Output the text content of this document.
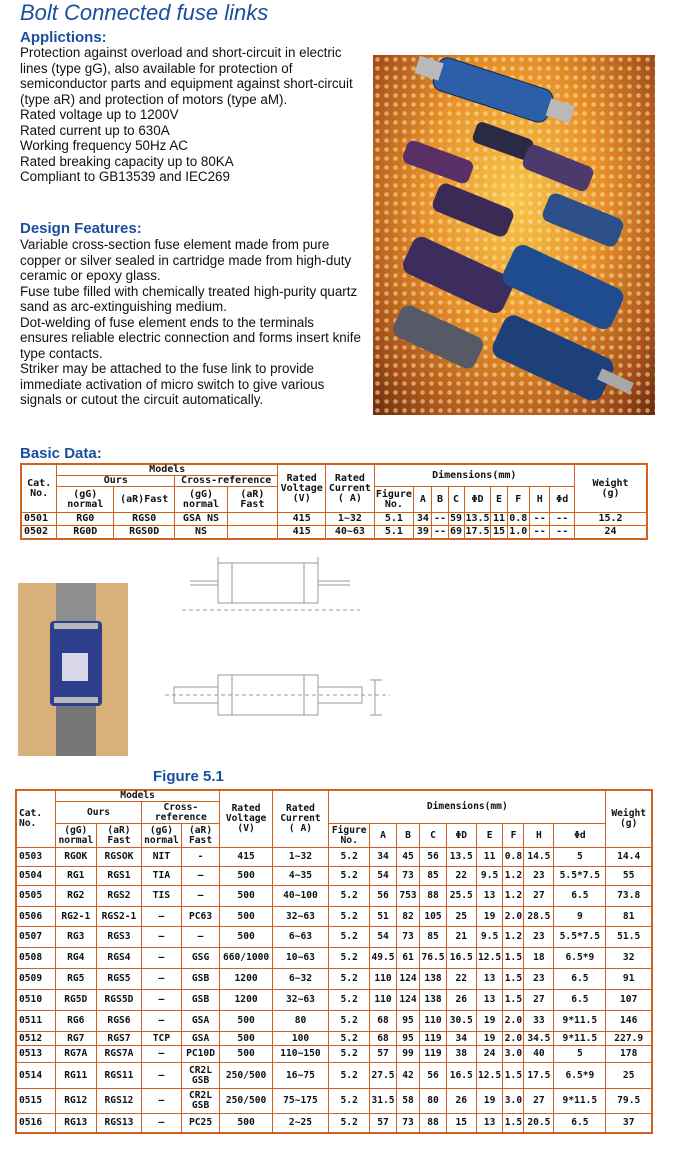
Bolt Connected fuse links
Applictions:
Protection against overload and short-circuit in electric
lines (type gG), also available for protection of
semiconductor parts and equipment against short-circuit
(type aR) and protection of motors (type aM).
Rated voltage up to 1200V
Rated current up to 630A
Working frequency 50Hz AC
Rated breaking capacity up to 80KA
Compliant to GB13539 and IEC269
Design Features:
Variable cross-section fuse element made from pure
copper or silver sealed in cartridge made from high-duty
ceramic or epoxy glass.
Fuse tube filled with chemically treated high-purity quartz
sand as arc-extinguishing medium.
Dot-welding of fuse element ends to the terminals
ensures reliable electric connection and forms insert knife
type contacts.
Striker may be attached to the fuse link to provide
immediate activation of micro switch to give various
signals or cutout the circuit automatically.
Basic Data:
Cat.
No.	Models				Rated
Voltage
(V)	Rated
Current
( A)	Dimensions(mm)									Weight
(g)
	Ours		Cross-reference													
	(gG)
normal	(aR)Fast	(gG)
normal	(aR)
Fast			Figure
No.	A	B	C	ΦD	E	F	H	Φd	
0501	RG0	RGS0	GSA NS		415	1~32	5.1	34	--	59	13.5	11	0.8	--	--	15.2
0502	RG0D	RGS0D	NS		415	40~63	5.1	39	--	69	17.5	15	1.0	--	--	24
Figure 5.1
Cat.
No.	Models				Rated
Voltage
(V)	Rated
Current
( A)	Dimensions(mm)									Weight
(g)
	Ours		Cross-
reference													
	(gG)
normal	(aR)
Fast	(gG)
normal	(aR)
Fast			Figure
No.	A	B	C	ΦD	E	F	H	Φd	
0503	RGOK	RGSOK	NIT	-	415	1~32	5.2	34	45	56	13.5	11	0.8	14.5	5	14.4
0504	RG1	RGS1	TIA	—	500	4~35	5.2	54	73	85	22	9.5	1.2	23	5.5*7.5	55
0505	RG2	RGS2	TIS	—	500	40~100	5.2	56	753	88	25.5	13	1.2	27	6.5	73.8
0506	RG2-1	RGS2-1	—	PC63	500	32~63	5.2	51	82	105	25	19	2.0	28.5	9	81
0507	RG3	RGS3	—	—	500	6~63	5.2	54	73	85	21	9.5	1.2	23	5.5*7.5	51.5
0508	RG4	RGS4	—	GSG	660/1000	10~63	5.2	49.5	61	76.5	16.5	12.5	1.5	18	6.5*9	32
0509	RG5	RGS5	—	GSB	1200	6~32	5.2	110	124	138	22	13	1.5	23	6.5	91
0510	RG5D	RGS5D	—	GSB	1200	32~63	5.2	110	124	138	26	13	1.5	27	6.5	107
0511	RG6	RGS6	—	GSA	500	80	5.2	68	95	110	30.5	19	2.0	33	9*11.5	146
0512	RG7	RGS7	TCP	GSA	500	100	5.2	68	95	119	34	19	2.0	34.5	9*11.5	227.9
0513	RG7A	RGS7A	—	PC10D	500	110~150	5.2	57	99	119	38	24	3.0	40	5	178
0514	RG11	RGS11	—	CR2L GSB	250/500	16~75	5.2	27.5	42	56	16.5	12.5	1.5	17.5	6.5*9	25
0515	RG12	RGS12	—	CR2L GSB	250/500	75~175	5.2	31.5	58	80	26	19	3.0	27	9*11.5	79.5
0516	RG13	RGS13	—	PC25	500	2~25	5.2	57	73	88	15	13	1.5	20.5	6.5	37
